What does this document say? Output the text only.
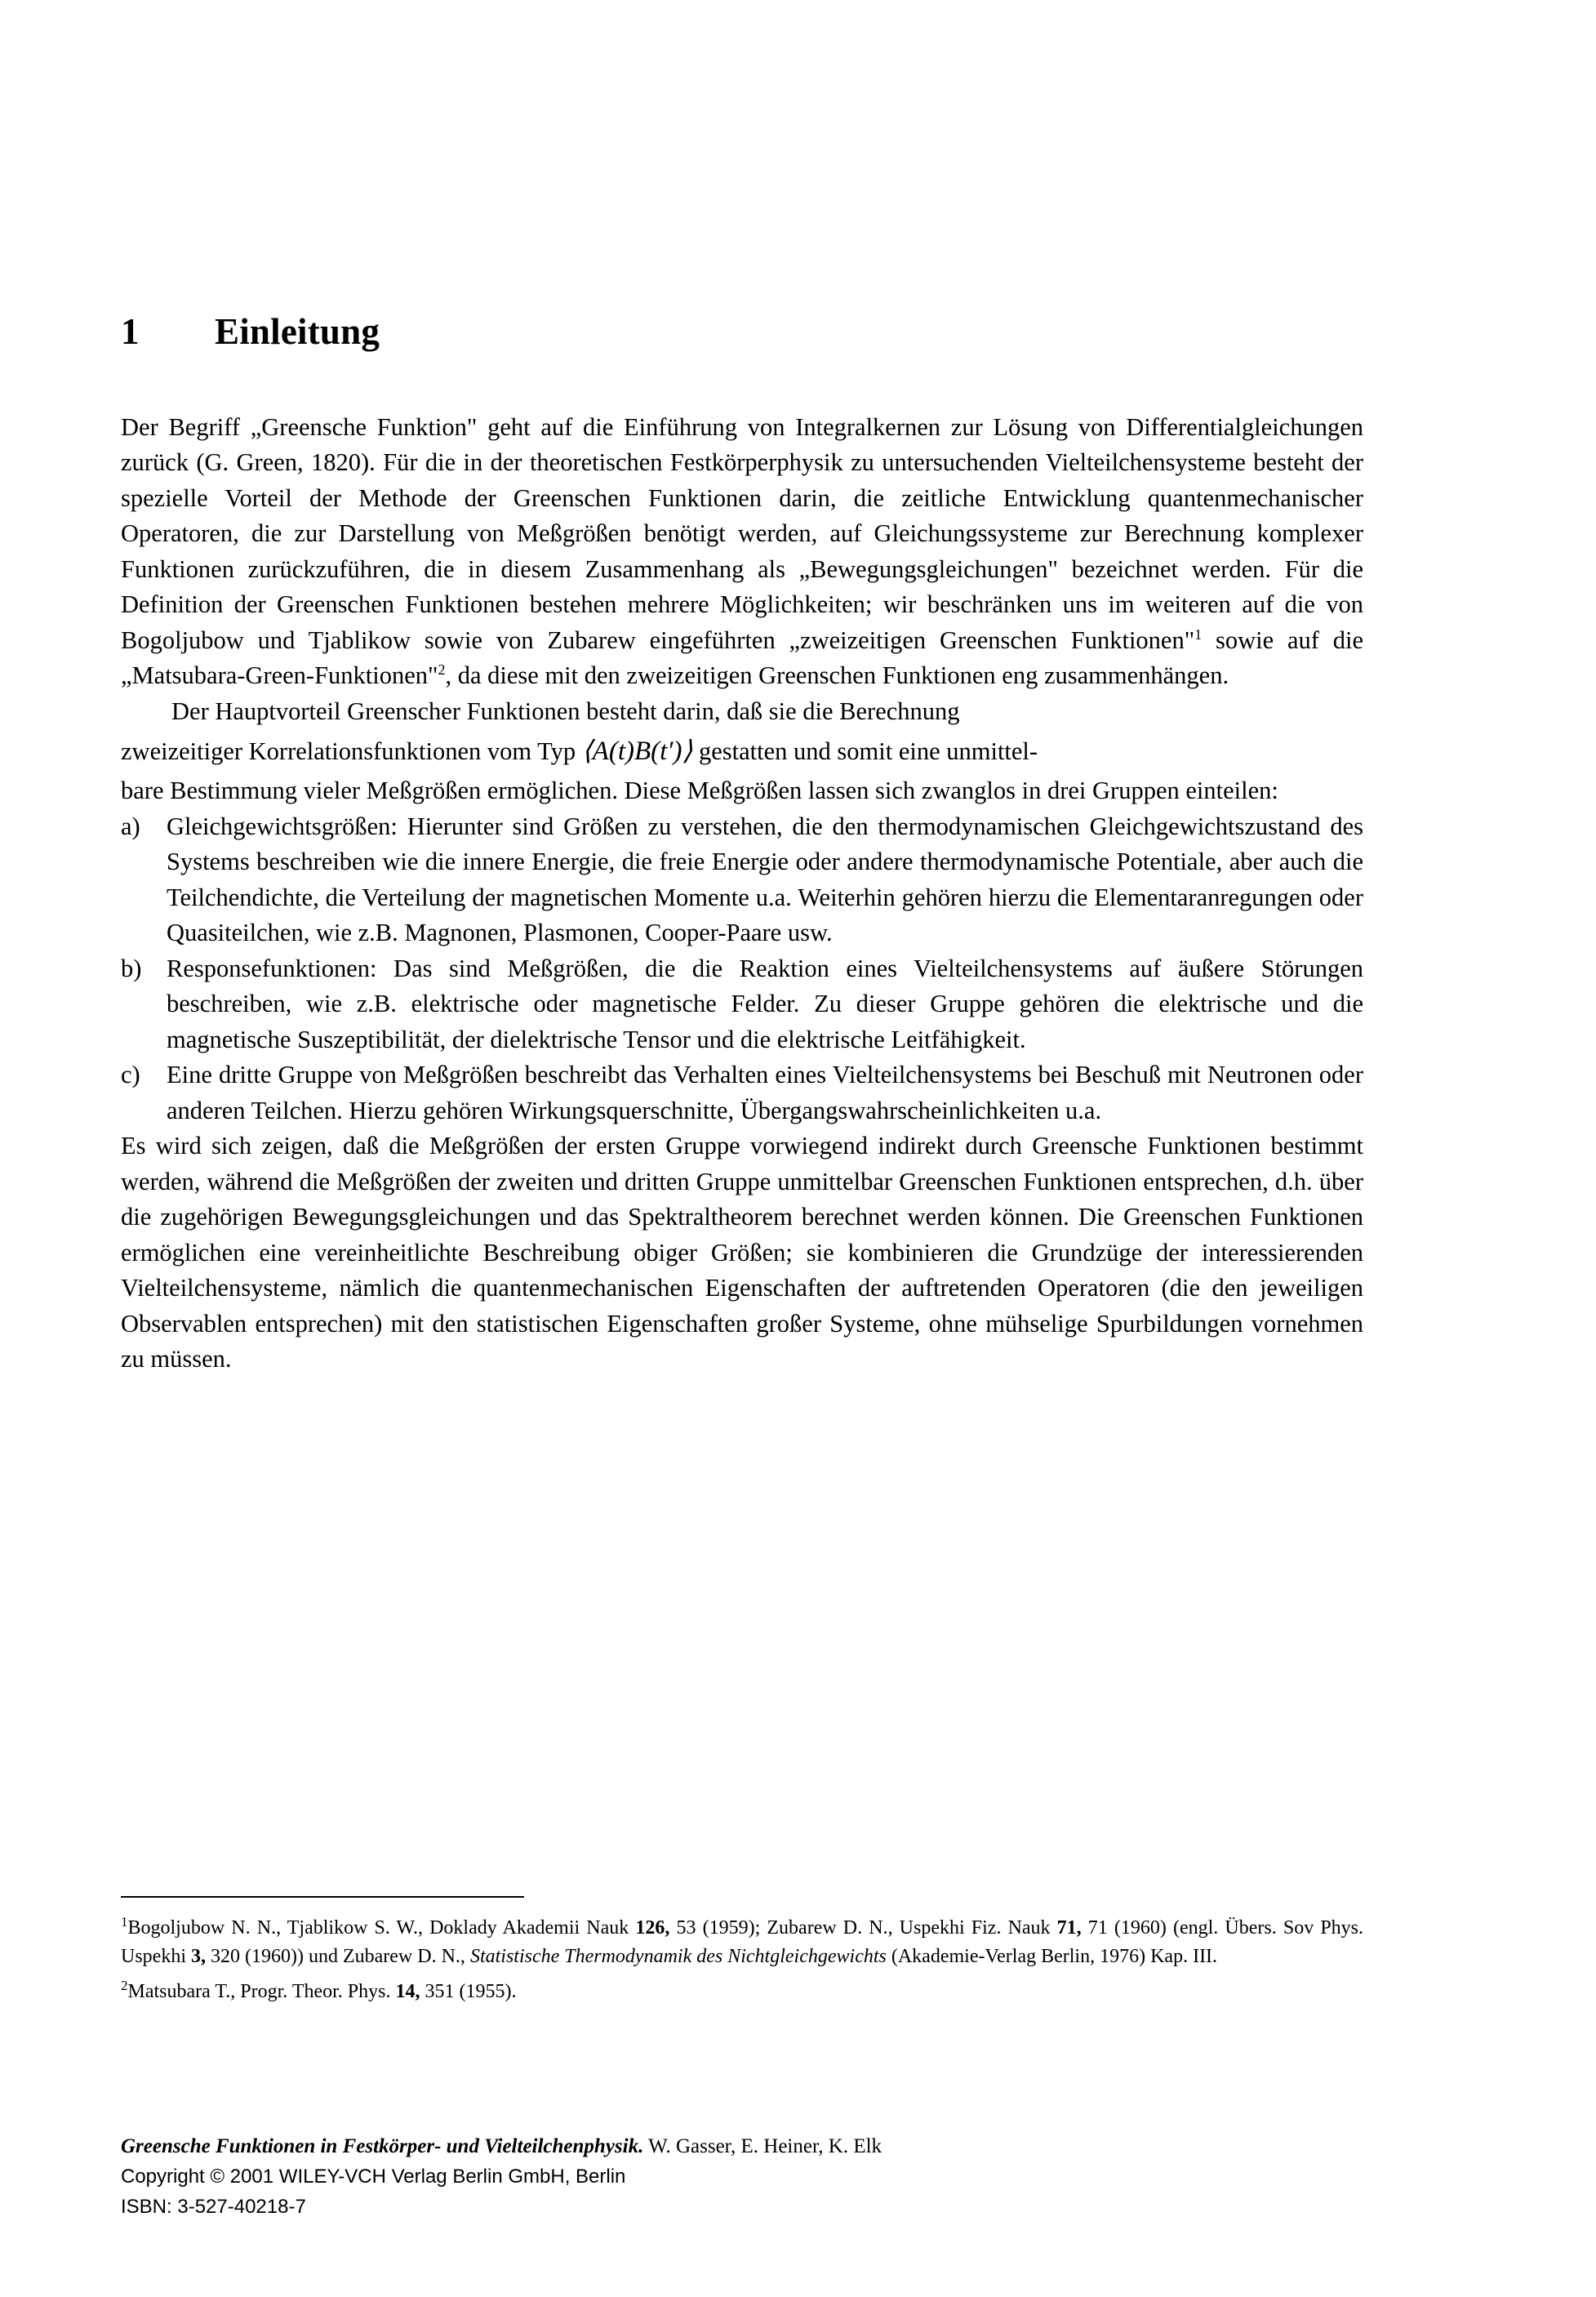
1 Einleitung

Der Begriff „Greensche Funktion" geht auf die Einführung von Integralkernen zur Lösung von Differentialgleichungen zurück (G. Green, 1820). Für die in der theoretischen Festkörperphysik zu untersuchenden Vielteilchensysteme besteht der spezielle Vorteil der Methode der Greenschen Funktionen darin, die zeitliche Entwicklung quantenmechanischer Operatoren, die zur Darstellung von Meßgrößen benötigt werden, auf Gleichungssysteme zur Berechnung komplexer Funktionen zurückzuführen, die in diesem Zusammenhang als „Bewegungsgleichungen" bezeichnet werden. Für die Definition der Greenschen Funktionen bestehen mehrere Möglichkeiten; wir beschränken uns im weiteren auf die von Bogoljubow und Tjablikow sowie von Zubarew eingeführten „zweizeitigen Greenschen Funktionen"$^1$ sowie auf die „Matsubara-Green-Funktionen"$^2$, da diese mit den zweizeitigen Greenschen Funktionen eng zusammenhängen.

Der Hauptvorteil Greenscher Funktionen besteht darin, daß sie die Berechnung

zweizeitiger Korrelationsfunktionen vom Typ ⟨A(t)B(t′)⟩ gestatten und somit eine unmittel-

bare Bestimmung vieler Meßgrößen ermöglichen. Diese Meßgrößen lassen sich zwanglos in drei Gruppen einteilen:

a)	Gleichgewichtsgrößen: Hierunter sind Größen zu verstehen, die den thermodynamischen Gleichgewichtszustand des Systems beschreiben wie die innere Energie, die freie Energie oder andere thermodynamische Potentiale, aber auch die Teilchendichte, die Verteilung der magnetischen Momente u.a. Weiterhin gehören hierzu die Elementaranregungen oder Quasiteilchen, wie z.B. Magnonen, Plasmonen, Cooper-Paare usw.
b)	Responsefunktionen: Das sind Meßgrößen, die die Reaktion eines Vielteilchensystems auf äußere Störungen beschreiben, wie z.B. elektrische oder magnetische Felder. Zu dieser Gruppe gehören die elektrische und die magnetische Suszeptibilität, der dielektrische Tensor und die elektrische Leitfähigkeit.
c)	Eine dritte Gruppe von Meßgrößen beschreibt das Verhalten eines Vielteilchensystems bei Beschuß mit Neutronen oder anderen Teilchen. Hierzu gehören Wirkungsquerschnitte, Übergangswahrscheinlichkeiten u.a.

Es wird sich zeigen, daß die Meßgrößen der ersten Gruppe vorwiegend indirekt durch Greensche Funktionen bestimmt werden, während die Meßgrößen der zweiten und dritten Gruppe unmittelbar Greenschen Funktionen entsprechen, d.h. über die zugehörigen Bewegungsgleichungen und das Spektraltheorem berechnet werden können. Die Greenschen Funktionen ermöglichen eine vereinheitlichte Beschreibung obiger Größen; sie kombinieren die Grundzüge der interessierenden Vielteilchensysteme, nämlich die quantenmechanischen Eigenschaften der auftretenden Operatoren (die den jeweiligen Observablen entsprechen) mit den statistischen Eigenschaften großer Systeme, ohne mühselige Spurbildungen vornehmen zu müssen.

$^1$Bogoljubow N. N., Tjablikow S. W., Doklady Akademii Nauk 126, 53 (1959); Zubarew D. N., Uspekhi Fiz. Nauk 71, 71 (1960) (engl. Übers. Sov Phys. Uspekhi 3, 320 (1960)) und Zubarew D. N., Statistische Thermodynamik des Nichtgleichgewichts (Akademie-Verlag Berlin, 1976) Kap. III.

$^2$Matsubara T., Progr. Theor. Phys. 14, 351 (1955).

Greensche Funktionen in Festkörper- und Vielteilchenphysik. W. Gasser, E. Heiner, K. Elk
Copyright © 2001 WILEY-VCH Verlag Berlin GmbH, Berlin
ISBN: 3-527-40218-7
